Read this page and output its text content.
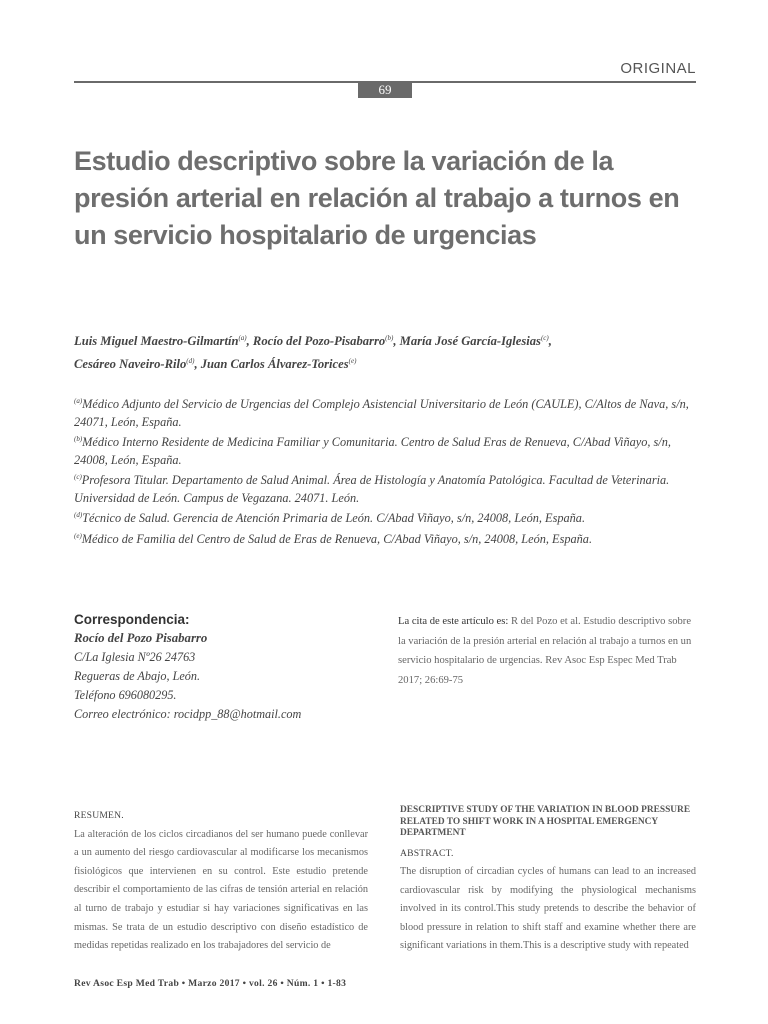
ORIGINAL
69
Estudio descriptivo sobre la variación de la presión arterial en relación al trabajo a turnos en un servicio hospitalario de urgencias
Luis Miguel Maestro-Gilmartín$^{(a)}$, Rocío del Pozo-Pisabarro$^{(b)}$, María José García-Iglesias$^{(c)}$,
Cesáreo Naveiro-Rilo$^{(d)}$, Juan Carlos Álvarez-Torices$^{(e)}$

$^{(a)}$Médico Adjunto del Servicio de Urgencias del Complejo Asistencial Universitario de León (CAULE), C/Altos de Nava, s/n, 24071, León, España.

$^{(b)}$Médico Interno Residente de Medicina Familiar y Comunitaria. Centro de Salud Eras de Renueva, C/Abad Viñayo, s/n, 24008, León, España.

$^{(c)}$Profesora Titular. Departamento de Salud Animal. Área de Histología y Anatomía Patológica. Facultad de Veterinaria. Universidad de León. Campus de Vegazana. 24071. León.

$^{(d)}$Técnico de Salud. Gerencia de Atención Primaria de León. C/Abad Viñayo, s/n, 24008, León, España.

$^{(e)}$Médico de Familia del Centro de Salud de Eras de Renueva, C/Abad Viñayo, s/n, 24008, León, España.

Correspondencia:
Rocío del Pozo Pisabarro
C/La Iglesia Nº26 24763
Regueras de Abajo, León.
Teléfono 696080295.
Correo electrónico: rocidpp_88@hotmail.com
La cita de este artículo es: R del Pozo et al. Estudio descriptivo sobre la variación de la presión arterial en relación al trabajo a turnos en un servicio hospitalario de urgencias. Rev Asoc Esp Espec Med Trab 2017; 26:69-75
RESUMEN.
La alteración de los ciclos circadianos del ser humano puede conllevar a un aumento del riesgo cardiovascular al modificarse los mecanismos fisiológicos que intervienen en su control. Este estudio pretende describir el comportamiento de las cifras de tensión arterial en relación al turno de trabajo y estudiar si hay variaciones significativas en las mismas. Se trata de un estudio descriptivo con diseño estadístico de medidas repetidas realizado en los trabajadores del servicio de
DESCRIPTIVE STUDY OF THE VARIATION IN BLOOD PRESSURE RELATED TO SHIFT WORK IN A HOSPITAL EMERGENCY DEPARTMENT
ABSTRACT.
The disruption of circadian cycles of humans can lead to an increased cardiovascular risk by modifying the physiological mechanisms involved in its control.This study pretends to describe the behavior of blood pressure in relation to shift staff and examine whether there are significant variations in them.This is a descriptive study with repeated
Rev Asoc Esp Med Trab • Marzo 2017 • vol. 26 • Núm. 1 • 1-83
